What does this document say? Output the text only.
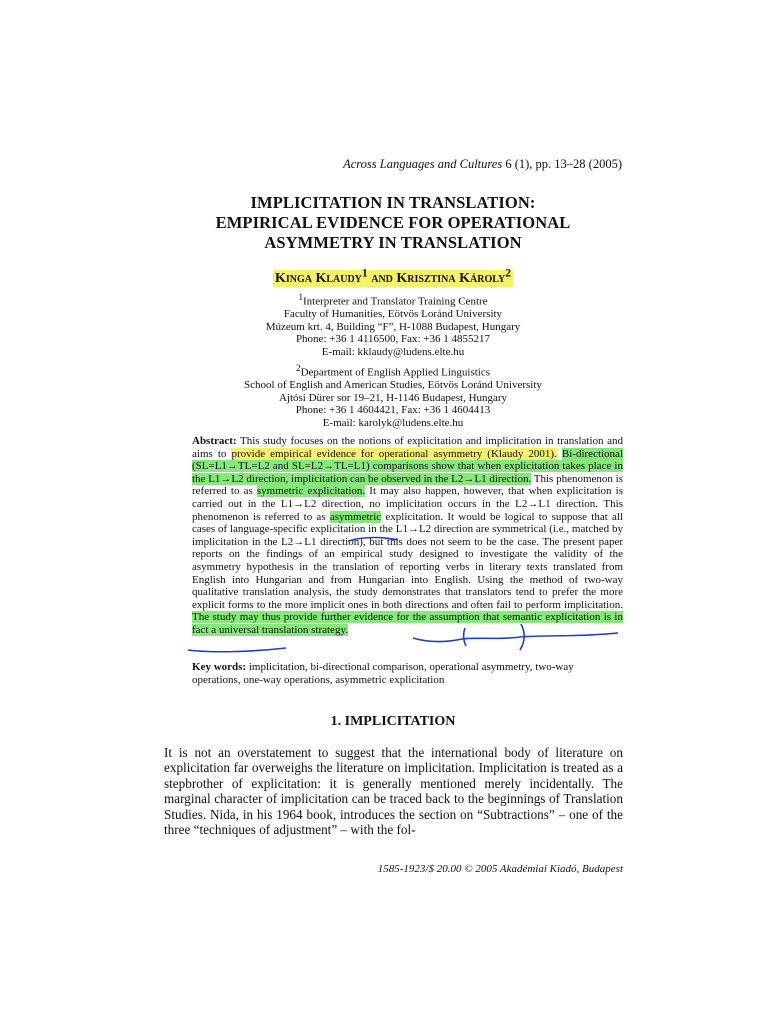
Across Languages and Cultures 6 (1), pp. 13–28 (2005)
IMPLICITATION IN TRANSLATION:
EMPIRICAL EVIDENCE FOR OPERATIONAL
ASYMMETRY IN TRANSLATION
Kinga Klaudy$^1$ and Krisztina Károly$^2$
$^1$Interpreter and Translator Training Centre
Faculty of Humanities, Eötvös Loránd University
Múzeum krt. 4, Building “F”, H-1088 Budapest, Hungary
Phone: +36 1 4116500, Fax: +36 1 4855217
E-mail: kklaudy@ludens.elte.hu
$^2$Department of English Applied Linguistics
School of English and American Studies, Eötvös Loránd University
Ajtósi Dürer sor 19–21, H-1146 Budapest, Hungary
Phone: +36 1 4604421, Fax: +36 1 4604413
E-mail: karolyk@ludens.elte.hu
Abstract: This study focuses on the notions of explicitation and implicitation in translation and aims to provide empirical evidence for operational asymmetry (Klaudy 2001). Bi-directional (SL=L1→TL=L2 and SL=L2→TL=L1) comparisons show that when explicitation takes place in the L1→L2 direction, implicitation can be observed in the L2→L1 direction. This phenomenon is referred to as symmetric explicitation. It may also happen, however, that when explicitation is carried out in the L1→L2 direction, no implicitation occurs in the L2→L1 direction. This phenomenon is referred to as asymmetric explicitation. It would be logical to suppose that all cases of language-specific explicitation in the L1→L2 direction are symmetrical (i.e., matched by implicitation in the L2→L1 direction), but this does not seem to be the case. The present paper reports on the findings of an empirical study designed to investigate the validity of the asymmetry hypothesis in the translation of reporting verbs in literary texts translated from English into Hungarian and from Hungarian into English. Using the method of two-way qualitative translation analysis, the study demonstrates that translators tend to prefer the more explicit forms to the more implicit ones in both directions and often fail to perform implicitation. The study may thus provide further evidence for the assumption that semantic explicitation is in fact a universal translation strategy.
Key words: implicitation, bi-directional comparison, operational asymmetry, two-way operations, one-way operations, asymmetric explicitation
1. IMPLICITATION
It is not an overstatement to suggest that the international body of literature on explicitation far overweighs the literature on implicitation. Implicitation is treated as a stepbrother of explicitation: it is generally mentioned merely incidentally. The marginal character of implicitation can be traced back to the beginnings of Translation Studies. Nida, in his 1964 book, introduces the section on “Subtractions” – one of the three “techniques of adjustment” – with the fol-
1585-1923/$ 20.00 © 2005 Akadémiai Kiadó, Budapest
